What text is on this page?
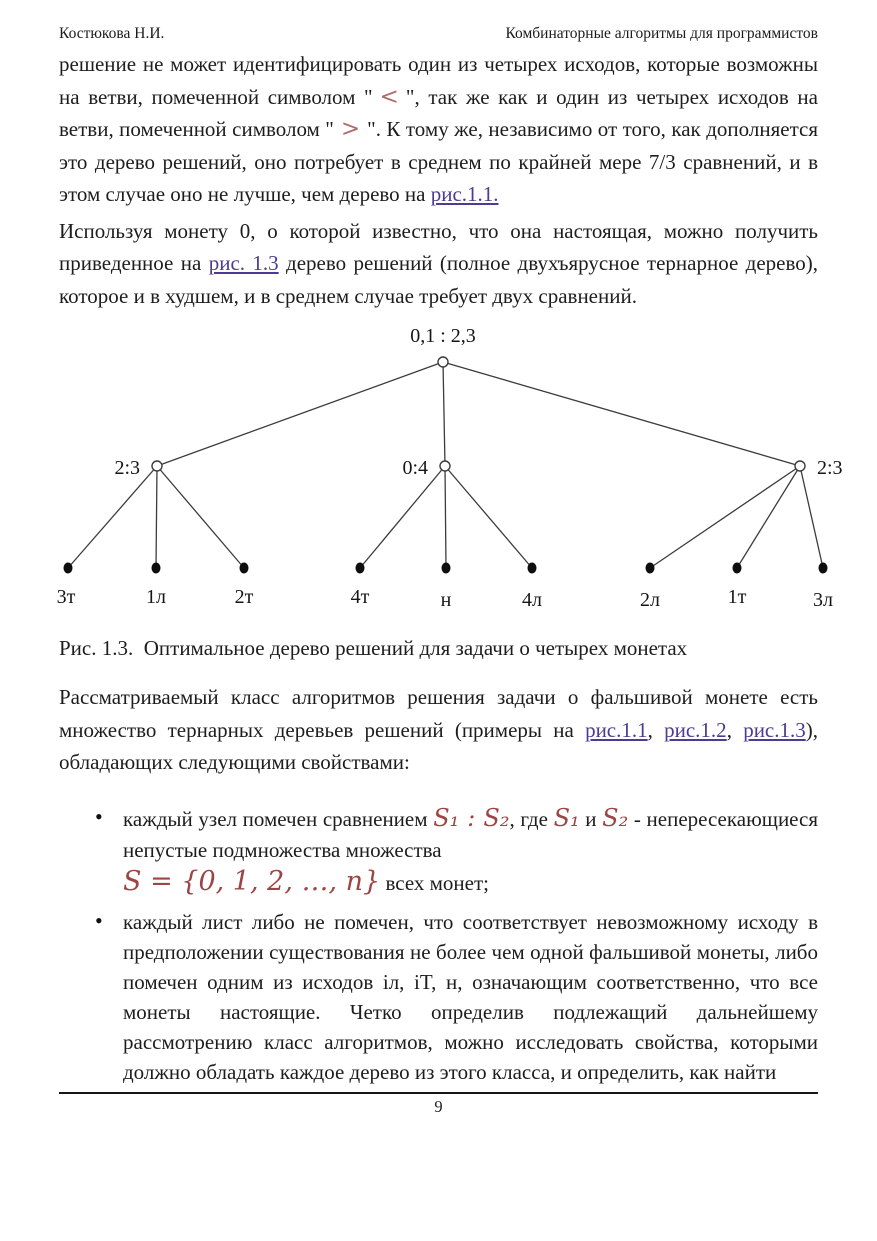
Костюкова Н.И.	Комбинаторные алгоритмы для программистов

решение не может идентифицировать один из четырех исходов, которые возможны на ветви, помеченной символом " < ", так же как и один из четырех исходов на ветви, помеченной символом " > ". К тому же, независимо от того, как дополняется это дерево решений, оно потребует в среднем по крайней мере 7/3 сравнений, и в этом случае оно не лучше, чем дерево на рис.1.1.

Используя монету 0, о которой известно, что она настоящая, можно получить приведенное на рис. 1.3 дерево решений (полное двухъярусное тернарное дерево), которое и в худшем, и в среднем случае требует двух сравнений.

0,1 : 2,3
2:3	0:4	2:3
3т	1л	2т	4т	н	4л	2л	1т	3л

Рис. 1.3.  Оптимальное дерево решений для задачи о четырех монетах

Рассматриваемый класс алгоритмов решения задачи о фальшивой монете есть множество тернарных деревьев решений (примеры на рис.1.1, рис.1.2, рис.1.3), обладающих следующими свойствами:

• каждый узел помечен сравнением S₁ : S₂, где S₁ и S₂ - непересекающиеся непустые подмножества множества

S = {0, 1, 2, …, n} всех монет;

• каждый лист либо не помечен, что соответствует невозможному исходу в предположении существования не более чем одной фальшивой монеты, либо помечен одним из исходов iл, iT, н, означающим соответственно, что все монеты настоящие. Четко определив подлежащий дальнейшему рассмотрению класс алгоритмов, можно исследовать свойства, которыми должно обладать каждое дерево из этого класса, и определить, как найти

9
